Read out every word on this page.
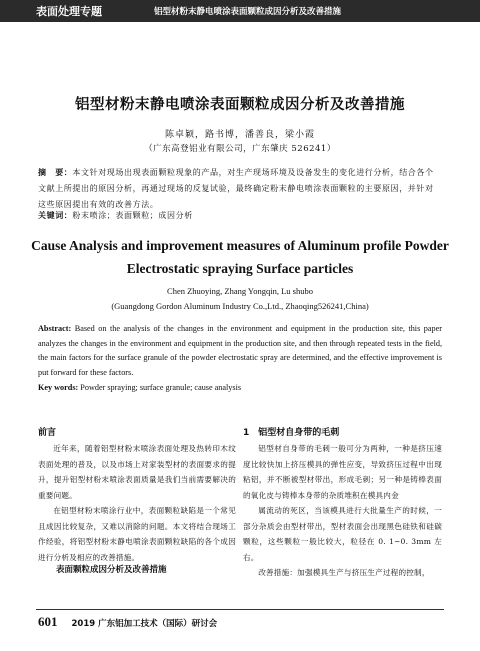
表面处理专题	铝型材粉末静电喷涂表面颗粒成因分析及改善措施
铝型材粉末静电喷涂表面颗粒成因分析及改善措施
陈卓颖，路书博，潘善良，梁小霞
（广东高登铝业有限公司，广东肇庆 526241）
摘　要：本文针对现场出现表面颗粒现象的产品，对生产现场环境及设备发生的变化进行分析，结合各个文献上所提出的原因分析，再通过现场的反复试验，最终确定粉末静电喷涂表面颗粒的主要原因，并针对这些原因提出有效的改善方法。
关键词：粉末喷涂；表面颗粒；成因分析
Cause Analysis and improvement measures of Aluminum profile Powder Electrostatic spraying Surface particles
Chen Zhuoying, Zhang Yongqin, Lu shubo
(Guangdong Gordon Aluminum Industry Co.,Ltd., Zhaoqing526241,China)
Abstract: Based on the analysis of the changes in the environment and equipment in the production site, this paper analyzes the changes in the environment and equipment in the production site, and then through repeated tests in the field, the main factors for the surface granule of the powder electrostatic spray are determined, and the effective improvement is put forward for these factors.
Key words: Powder spraying; surface granule; cause analysis
前言

近年来，随着铝型材粉末喷涂表面处理及热转印木纹表面处理的普及，以及市场上对家装型材的表面要求的提升，提升铝型材粉末喷涂表面质量是我们当前需要解决的重要问题。

在铝型材粉末喷涂行业中，表面颗粒缺陷是一个常见且成因比较复杂，又难以消除的问题。本文将结合现场工作经验，将铝型材粉末静电喷涂表面颗粒缺陷的各个成因进行分析及相应的改善措施。

表面颗粒成因分析及改善措施
1　铝型材自身带的毛刺

铝型材自身带的毛刺一般可分为两种，一种是挤压速度比较快加上挤压模具的弹性应变，导致挤压过程中出现粘铝，并不断被型材带出，形成毛刺；另一种是铸棒表面的氧化皮与铸棒本身带的杂质堆积在模具内金

属流动的死区，当该模具进行大批量生产的时候，一部分杂质会由型材带出，型材表面会出现黑色硅铁和硅碳颗粒，这些颗粒一般比较大，粒径在 0. 1~0. 3mm 左右。

改善措施：加强模具生产与挤压生产过程的控制，

601 2019 广东铝加工技术（国际）研讨会
